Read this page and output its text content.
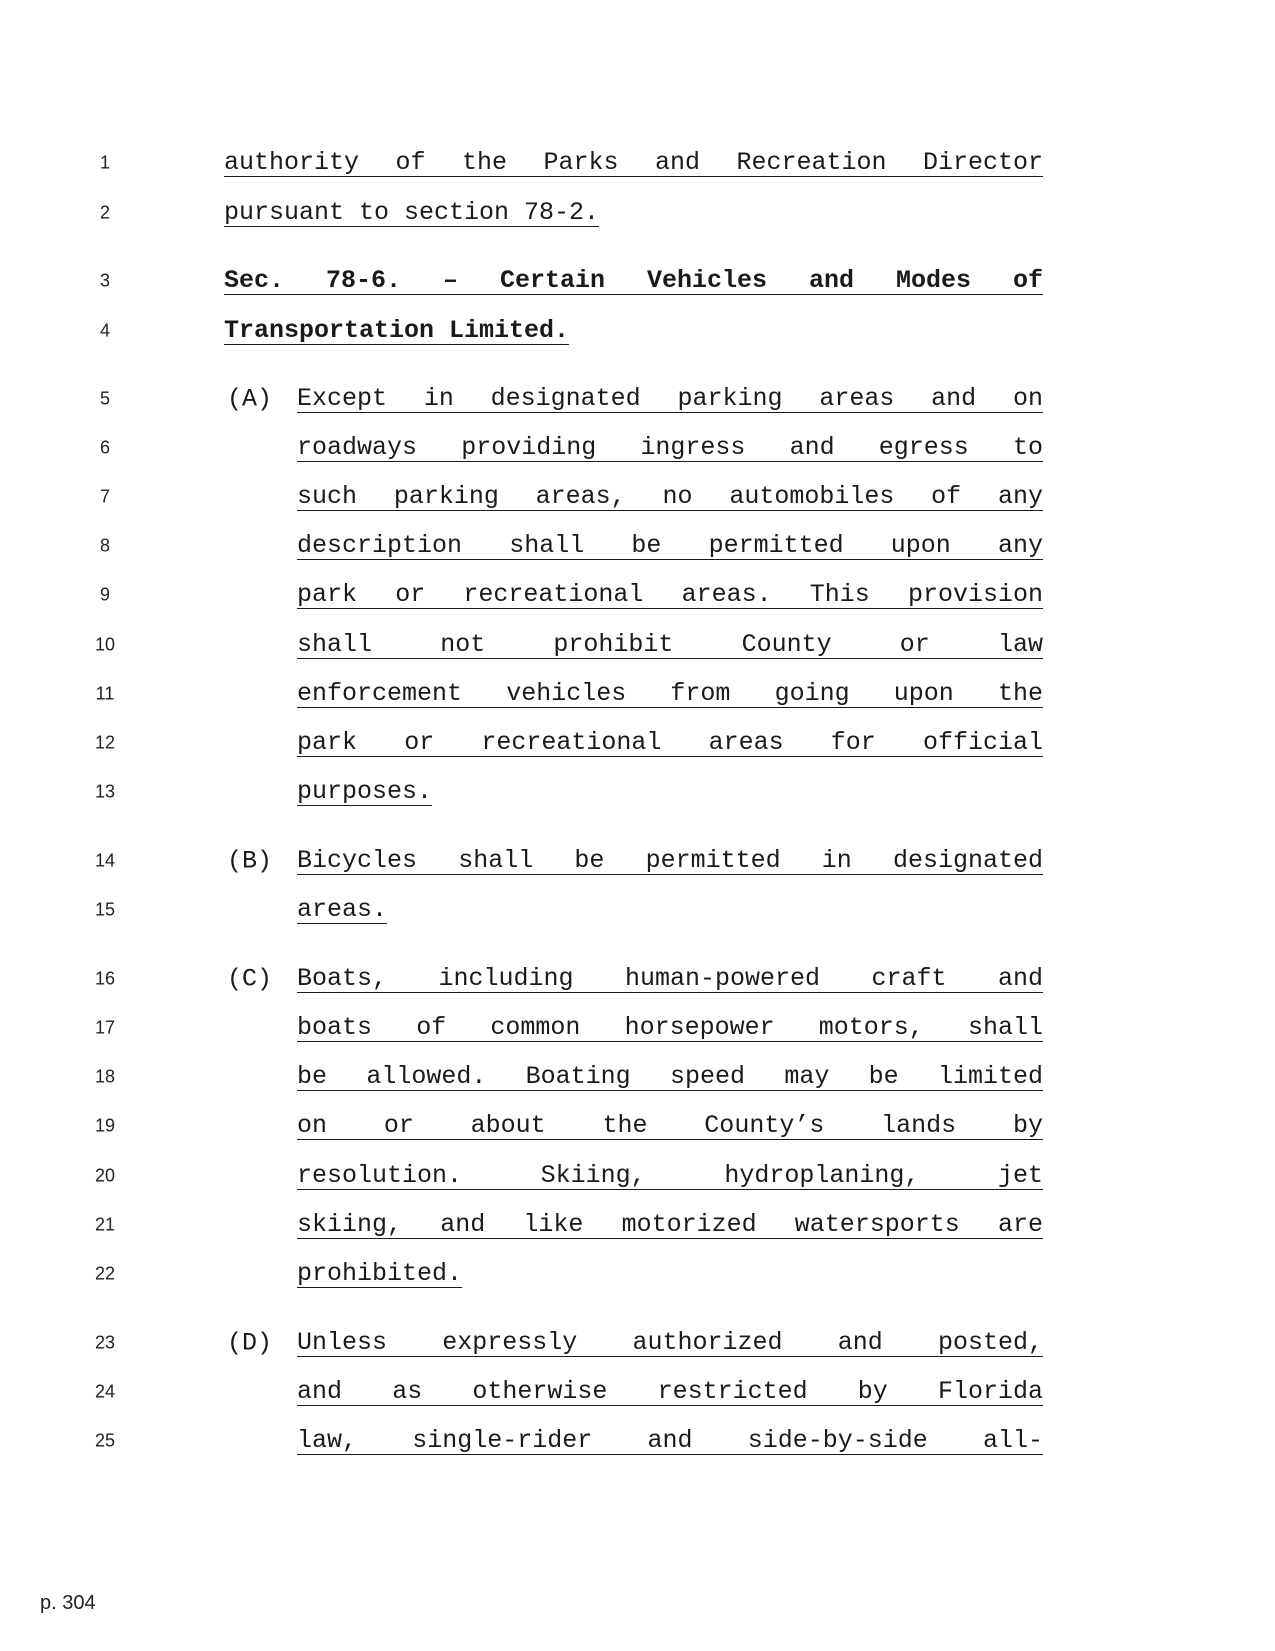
1
2
3
4
5
6
7
8
9
10
11
12
13
14
15
16
17
18
19
20
21
22
23
24
25
authority of the Parks and Recreation Director
pursuant to section 78-2.
Sec. 78-6. – Certain Vehicles and Modes of
Transportation Limited.
(A) Except in designated parking areas and on
roadways providing ingress and egress to
such parking areas, no automobiles of any
description shall be permitted upon any
park or recreational areas. This provision
shall not prohibit County or law
enforcement vehicles from going upon the
park or recreational areas for official
purposes.
(B) Bicycles shall be permitted in designated
areas.
(C) Boats, including human-powered craft and
boats of common horsepower motors, shall
be allowed. Boating speed may be limited
on or about the County’s lands by
resolution. Skiing, hydroplaning, jet
skiing, and like motorized watersports are
prohibited.
(D) Unless expressly authorized and posted,
and as otherwise restricted by Florida
law, single-rider and side-by-side all-
p. 304
